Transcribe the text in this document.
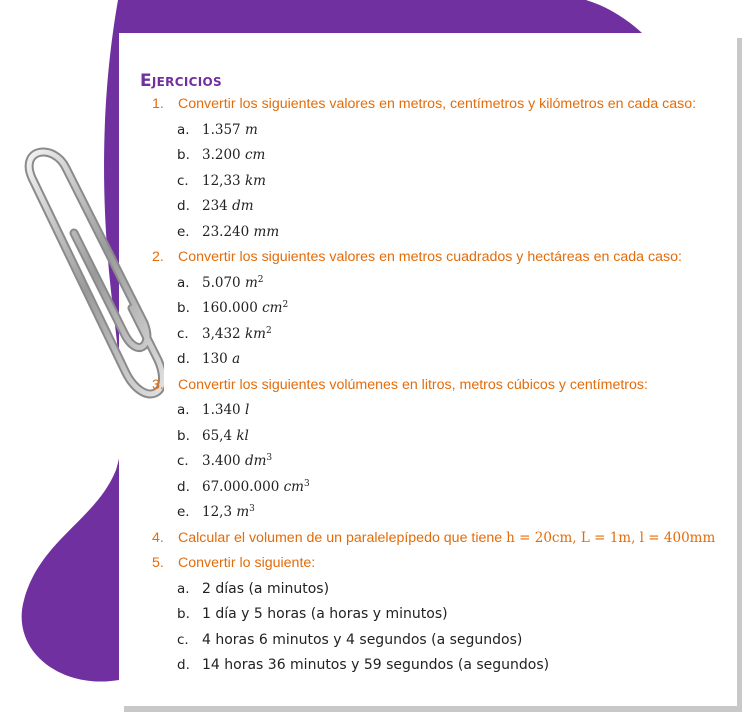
Ejercicios
1. Convertir los siguientes valores en metros, centímetros y kilómetros en cada caso:
a. 1.357 m
b. 3.200 cm
c. 12,33 km
d. 234 dm
e. 23.240 mm
2. Convertir los siguientes valores en metros cuadrados y hectáreas en cada caso:
a. 5.070 $m^2$
b. 160.000 $cm^2$
c. 3,432 $km^2$
d. 130 a
3. Convertir los siguientes volúmenes en litros, metros cúbicos y centímetros:
a. 1.340 l
b. 65,4 kl
c. 3.400 $dm^3$
d. 67.000.000 $cm^3$
e. 12,3 $m^3$
4. Calcular el volumen de un paralelepípedo que tiene h = 20cm, L = 1m, l = 400mm
5. Convertir lo siguiente:
a. 2 días (a minutos)
b. 1 día y 5 horas (a horas y minutos)
c. 4 horas 6 minutos y 4 segundos (a segundos)
d. 14 horas 36 minutos y 59 segundos (a segundos)
